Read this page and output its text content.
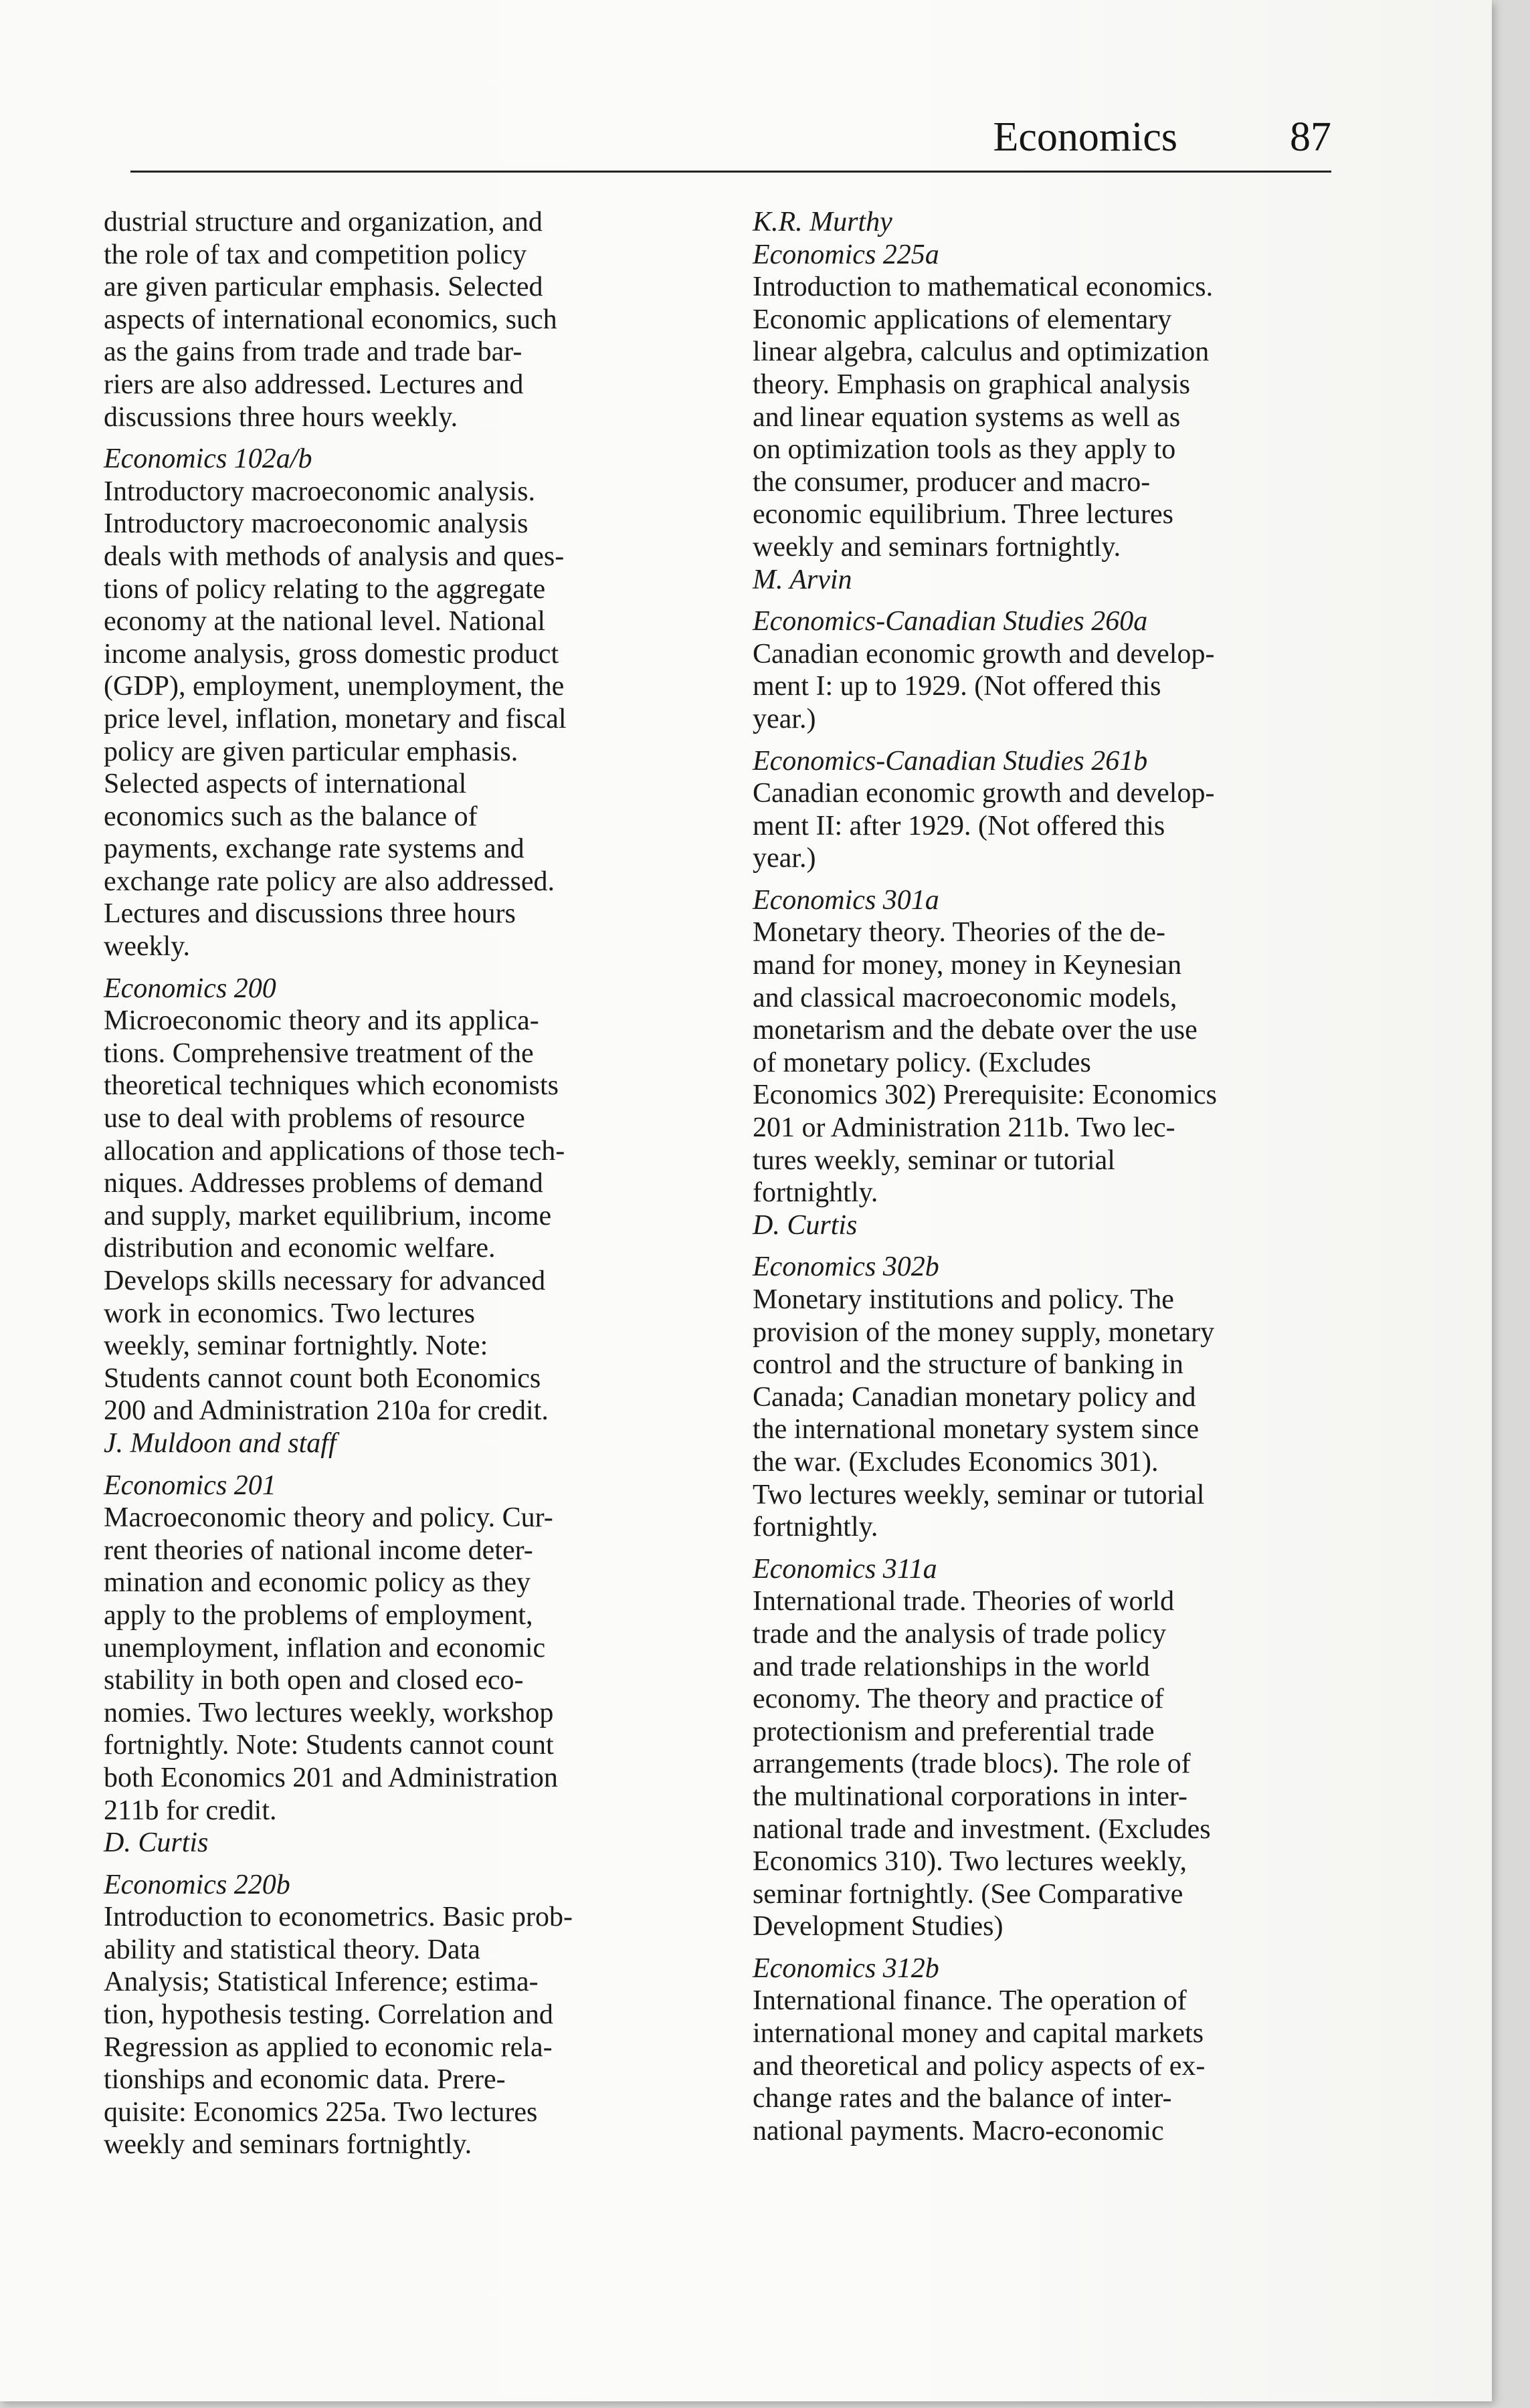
Economics	87
dustrial structure and organization, and
the role of tax and competition policy
are given particular emphasis. Selected
aspects of international economics, such
as the gains from trade and trade bar-
riers are also addressed. Lectures and
discussions three hours weekly.
Economics 102a/b
Introductory macroeconomic analysis.
Introductory macroeconomic analysis
deals with methods of analysis and ques-
tions of policy relating to the aggregate
economy at the national level. National
income analysis, gross domestic product
(GDP), employment, unemployment, the
price level, inflation, monetary and fiscal
policy are given particular emphasis.
Selected aspects of international
economics such as the balance of
payments, exchange rate systems and
exchange rate policy are also addressed.
Lectures and discussions three hours
weekly.
Economics 200
Microeconomic theory and its applica-
tions. Comprehensive treatment of the
theoretical techniques which economists
use to deal with problems of resource
allocation and applications of those tech-
niques. Addresses problems of demand
and supply, market equilibrium, income
distribution and economic welfare.
Develops skills necessary for advanced
work in economics. Two lectures
weekly, seminar fortnightly. Note:
Students cannot count both Economics
200 and Administration 210a for credit.
J. Muldoon and staff
Economics 201
Macroeconomic theory and policy. Cur-
rent theories of national income deter-
mination and economic policy as they
apply to the problems of employment,
unemployment, inflation and economic
stability in both open and closed eco-
nomies. Two lectures weekly, workshop
fortnightly. Note: Students cannot count
both Economics 201 and Administration
211b for credit.
D. Curtis
Economics 220b
Introduction to econometrics. Basic prob-
ability and statistical theory. Data
Analysis; Statistical Inference; estima-
tion, hypothesis testing. Correlation and
Regression as applied to economic rela-
tionships and economic data. Prere-
quisite: Economics 225a. Two lectures
weekly and seminars fortnightly.
K.R. Murthy
Economics 225a
Introduction to mathematical economics.
Economic applications of elementary
linear algebra, calculus and optimization
theory. Emphasis on graphical analysis
and linear equation systems as well as
on optimization tools as they apply to
the consumer, producer and macro-
economic equilibrium. Three lectures
weekly and seminars fortnightly.
M. Arvin
Economics-Canadian Studies 260a
Canadian economic growth and develop-
ment I: up to 1929. (Not offered this
year.)
Economics-Canadian Studies 261b
Canadian economic growth and develop-
ment II: after 1929. (Not offered this
year.)
Economics 301a
Monetary theory. Theories of the de-
mand for money, money in Keynesian
and classical macroeconomic models,
monetarism and the debate over the use
of monetary policy. (Excludes
Economics 302) Prerequisite: Economics
201 or Administration 211b. Two lec-
tures weekly, seminar or tutorial
fortnightly.
D. Curtis
Economics 302b
Monetary institutions and policy. The
provision of the money supply, monetary
control and the structure of banking in
Canada; Canadian monetary policy and
the international monetary system since
the war. (Excludes Economics 301).
Two lectures weekly, seminar or tutorial
fortnightly.
Economics 311a
International trade. Theories of world
trade and the analysis of trade policy
and trade relationships in the world
economy. The theory and practice of
protectionism and preferential trade
arrangements (trade blocs). The role of
the multinational corporations in inter-
national trade and investment. (Excludes
Economics 310). Two lectures weekly,
seminar fortnightly. (See Comparative
Development Studies)
Economics 312b
International finance. The operation of
international money and capital markets
and theoretical and policy aspects of ex-
change rates and the balance of inter-
national payments. Macro-economic
